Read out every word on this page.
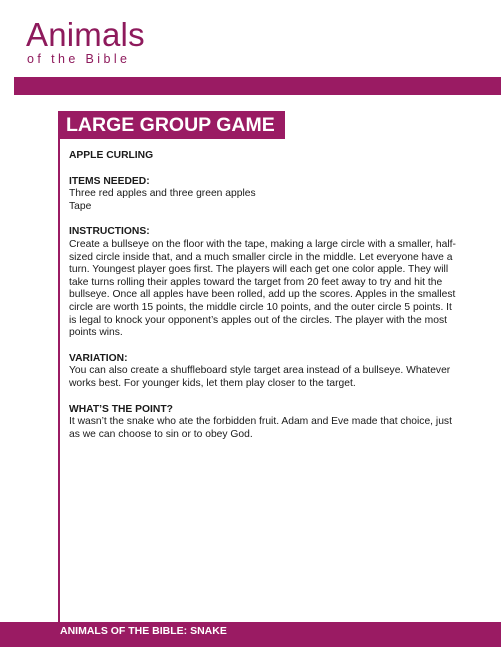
Animals
of the Bible
LARGE GROUP GAME

APPLE CURLING

ITEMS NEEDED:

Three red apples and three green apples

Tape

INSTRUCTIONS:

Create a bullseye on the floor with the tape, making a large circle with a smaller, half-sized circle inside that, and a much smaller circle in the middle. Let everyone have a turn. Youngest player goes first. The players will each get one color apple. They will take turns rolling their apples toward the target from 20 feet away to try and hit the bullseye. Once all apples have been rolled, add up the scores. Apples in the smallest circle are worth 15 points, the middle circle 10 points, and the outer circle 5 points. It is legal to knock your opponent’s apples out of the circles. The player with the most points wins.

VARIATION:

You can also create a shuffleboard style target area instead of a bullseye. Whatever works best. For younger kids, let them play closer to the target.

WHAT’S THE POINT?

It wasn’t the snake who ate the forbidden fruit. Adam and Eve made that choice, just as we can choose to sin or to obey God.

ANIMALS OF THE BIBLE: SNAKE
